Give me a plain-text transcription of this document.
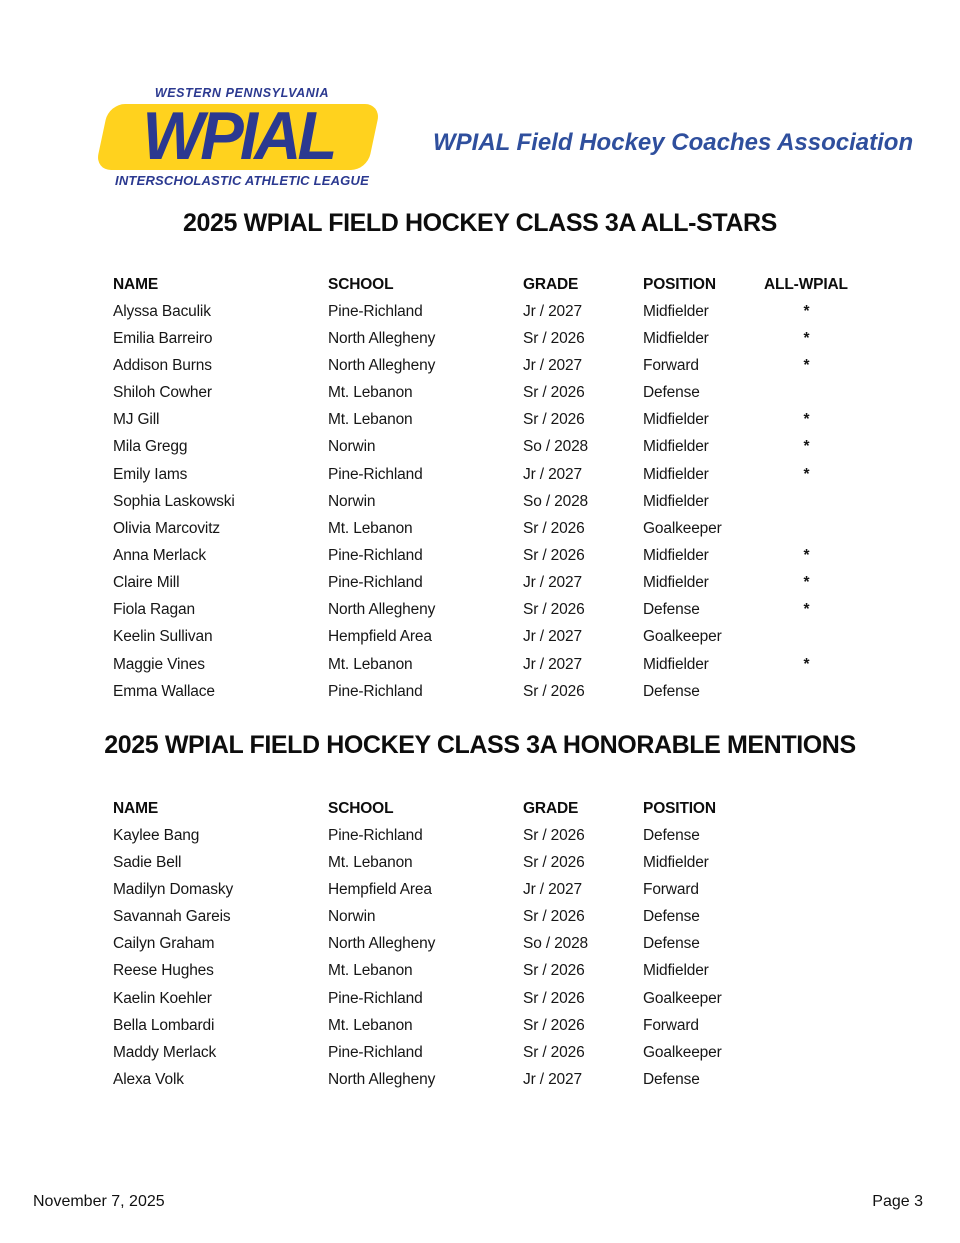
WESTERN PENNSYLVANIA
WPIAL
INTERSCHOLASTIC ATHLETIC LEAGUE
WPIAL Field Hockey Coaches Association
2025 WPIAL FIELD HOCKEY CLASS 3A ALL-STARS
NAME	SCHOOL	GRADE	POSITION	ALL-WPIAL
Alyssa Baculik	Pine-Richland	Jr / 2027	Midfielder	*
Emilia Barreiro	North Allegheny	Sr / 2026	Midfielder	*
Addison Burns	North Allegheny	Jr / 2027	Forward	*
Shiloh Cowher	Mt. Lebanon	Sr / 2026	Defense
MJ Gill	Mt. Lebanon	Sr / 2026	Midfielder	*
Mila Gregg	Norwin	So / 2028	Midfielder	*
Emily Iams	Pine-Richland	Jr / 2027	Midfielder	*
Sophia Laskowski	Norwin	So / 2028	Midfielder
Olivia Marcovitz	Mt. Lebanon	Sr / 2026	Goalkeeper
Anna Merlack	Pine-Richland	Sr / 2026	Midfielder	*
Claire Mill	Pine-Richland	Jr / 2027	Midfielder	*
Fiola Ragan	North Allegheny	Sr / 2026	Defense	*
Keelin Sullivan	Hempfield Area	Jr / 2027	Goalkeeper
Maggie Vines	Mt. Lebanon	Jr / 2027	Midfielder	*
Emma Wallace	Pine-Richland	Sr / 2026	Defense
2025 WPIAL FIELD HOCKEY CLASS 3A HONORABLE MENTIONS
NAME	SCHOOL	GRADE	POSITION
Kaylee Bang	Pine-Richland	Sr / 2026	Defense
Sadie Bell	Mt. Lebanon	Sr / 2026	Midfielder
Madilyn Domasky	Hempfield Area	Jr / 2027	Forward
Savannah Gareis	Norwin	Sr / 2026	Defense
Cailyn Graham	North Allegheny	So / 2028	Defense
Reese Hughes	Mt. Lebanon	Sr / 2026	Midfielder
Kaelin Koehler	Pine-Richland	Sr / 2026	Goalkeeper
Bella Lombardi	Mt. Lebanon	Sr / 2026	Forward
Maddy Merlack	Pine-Richland	Sr / 2026	Goalkeeper
Alexa Volk	North Allegheny	Jr / 2027	Defense
November 7, 2025	Page 3
